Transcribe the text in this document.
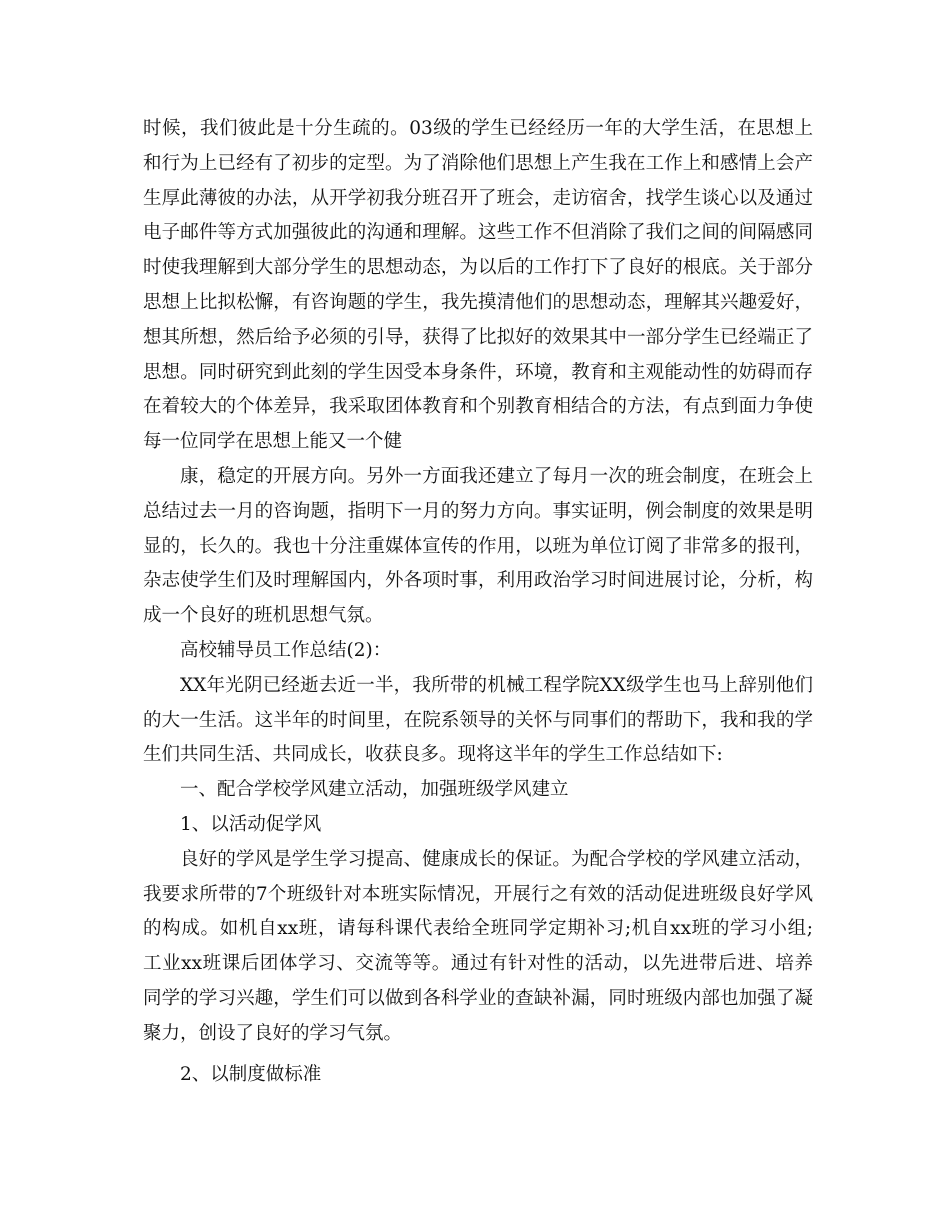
时候，我们彼此是十分生疏的。03级的学生已经经历一年的大学生活，在思想上
和行为上已经有了初步的定型。为了消除他们思想上产生我在工作上和感情上会产
生厚此薄彼的办法，从开学初我分班召开了班会，走访宿舍，找学生谈心以及通过
电子邮件等方式加强彼此的沟通和理解。这些工作不但消除了我们之间的间隔感同
时使我理解到大部分学生的思想动态，为以后的工作打下了良好的根底。关于部分
思想上比拟松懈，有咨询题的学生，我先摸清他们的思想动态，理解其兴趣爱好，
想其所想，然后给予必须的引导，获得了比拟好的效果其中一部分学生已经端正了
思想。同时研究到此刻的学生因受本身条件，环境，教育和主观能动性的妨碍而存
在着较大的个体差异，我采取团体教育和个别教育相结合的方法，有点到面力争使
每一位同学在思想上能又一个健
康，稳定的开展方向。另外一方面我还建立了每月一次的班会制度，在班会上
总结过去一月的咨询题，指明下一月的努力方向。事实证明，例会制度的效果是明
显的，长久的。我也十分注重媒体宣传的作用，以班为单位订阅了非常多的报刊，
杂志使学生们及时理解国内，外各项时事，利用政治学习时间进展讨论，分析，构
成一个良好的班机思想气氛。
高校辅导员工作总结(2)：
XX年光阴已经逝去近一半，我所带的机械工程学院XX级学生也马上辞别他们
的大一生活。这半年的时间里，在院系领导的关怀与同事们的帮助下，我和我的学
生们共同生活、共同成长，收获良多。现将这半年的学生工作总结如下:
一、配合学校学风建立活动，加强班级学风建立
1、以活动促学风
良好的学风是学生学习提高、健康成长的保证。为配合学校的学风建立活动，
我要求所带的7个班级针对本班实际情况，开展行之有效的活动促进班级良好学风
的构成。如机自xx班，请每科课代表给全班同学定期补习;机自xx班的学习小组;
工业xx班课后团体学习、交流等等。通过有针对性的活动，以先进带后进、培养
同学的学习兴趣，学生们可以做到各科学业的查缺补漏，同时班级内部也加强了凝
聚力，创设了良好的学习气氛。
2、以制度做标准
